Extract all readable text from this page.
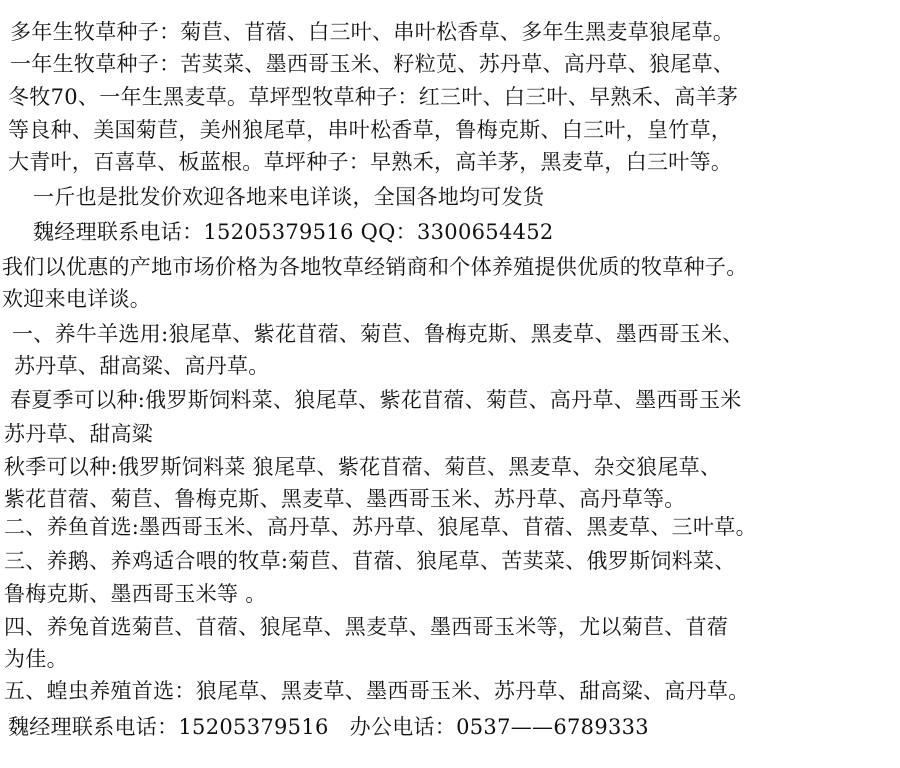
多年生牧草种子：菊苣、苜蓿、白三叶、串叶松香草、多年生黑麦草狼尾草。
一年生牧草种子：苦荬菜、墨西哥玉米、籽粒苋、苏丹草、高丹草、狼尾草、
冬牧70、一年生黑麦草。草坪型牧草种子：红三叶、白三叶、早熟禾、高羊茅
等良种、美国菊苣，美州狼尾草，串叶松香草，鲁梅克斯、白三叶，皇竹草，
大青叶，百喜草、板蓝根。草坪种子：早熟禾，高羊茅，黑麦草，白三叶等。
一斤也是批发价欢迎各地来电详谈，全国各地均可发货
魏经理联系电话：15205379516 QQ：3300654452
我们以优惠的产地市场价格为各地牧草经销商和个体养殖提供优质的牧草种子。
欢迎来电详谈。
一、养牛羊选用:狼尾草、紫花苜蓿、菊苣、鲁梅克斯、黑麦草、墨西哥玉米、
苏丹草、甜高粱、高丹草。
春夏季可以种:俄罗斯饲料菜、狼尾草、紫花苜蓿、菊苣、高丹草、墨西哥玉米
苏丹草、甜高粱
秋季可以种:俄罗斯饲料菜 狼尾草、紫花苜蓿、菊苣、黑麦草、杂交狼尾草、
紫花苜蓿、菊苣、鲁梅克斯、黑麦草、墨西哥玉米、苏丹草、高丹草等。
二、养鱼首选:墨西哥玉米、高丹草、苏丹草、狼尾草、苜蓿、黑麦草、三叶草。
三、养鹅、养鸡适合喂的牧草:菊苣、苜蓿、狼尾草、苦荬菜、俄罗斯饲料菜、
鲁梅克斯、墨西哥玉米等 。
四、养兔首选菊苣、苜蓿、狼尾草、黑麦草、墨西哥玉米等，尤以菊苣、苜蓿
为佳。
五、蝗虫养殖首选：狼尾草、黑麦草、墨西哥玉米、苏丹草、甜高粱、高丹草。
魏经理联系电话：15205379516   办公电话：0537——6789333
